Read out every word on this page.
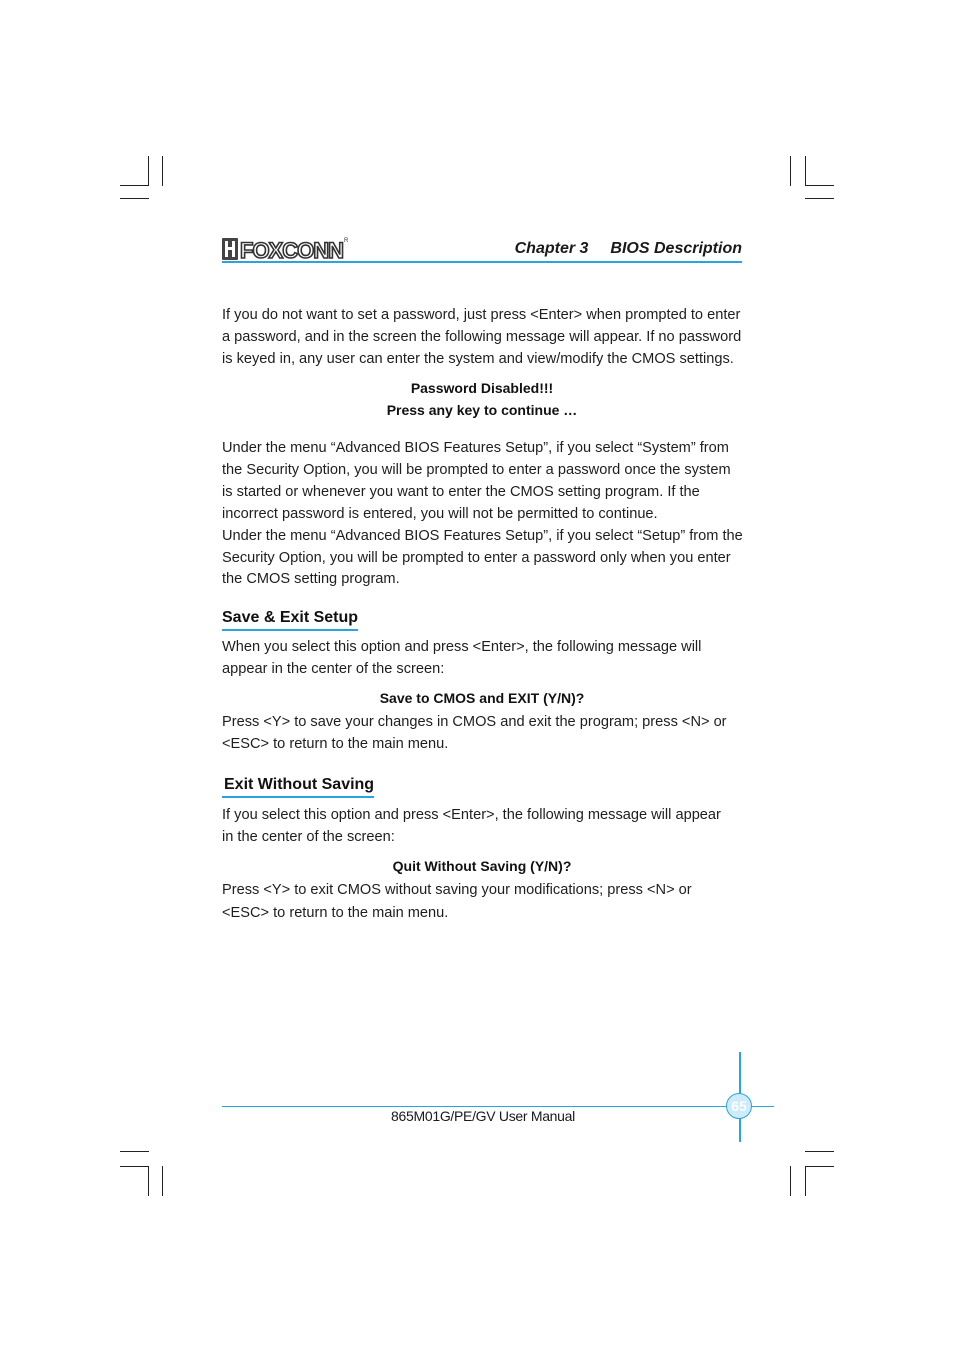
FOXCONN R	Chapter 3 BIOS Description
If you do not want to set a password, just press <Enter> when prompted to enter
a password, and in the screen the following message will appear. If no password
is keyed in, any user can enter the system and view/modify the CMOS settings.
Password Disabled!!!
Press any key to continue …
Under the menu “Advanced BIOS Features Setup”, if you select “System” from
the Security Option, you will be prompted to enter a password once the system
is started or whenever you want to enter the CMOS setting program. If the
incorrect password is entered, you will not be permitted to continue.
Under the menu “Advanced BIOS Features Setup”, if you select “Setup” from the
Security Option, you will be prompted to enter a password only when you enter
the CMOS setting program.
Save & Exit Setup
When you select this option and press <Enter>, the following message will
appear in the center of the screen:
Save to CMOS and EXIT (Y/N)?
Press <Y> to save your changes in CMOS and exit the program; press <N> or
<ESC> to return to the main menu.
Exit Without Saving
If you select this option and press <Enter>, the following message will appear
in the center of the screen:
Quit Without Saving (Y/N)?
Press <Y> to exit CMOS without saving your modifications; press <N> or
<ESC> to return to the main menu.
65
865M01G/PE/GV User Manual
